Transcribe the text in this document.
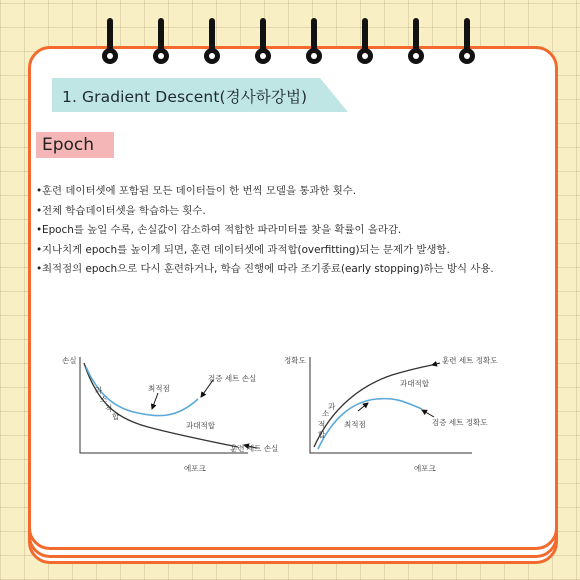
1. Gradient Descent(경사하강법)
Epoch
•훈련 데이터셋에 포함된 모든 데이터들이 한 번씩 모델을 통과한 횟수.
•전체 학습데이터셋을 학습하는 횟수.
•Epoch를 높일 수록, 손실값이 감소하여 적합한 파라미터를 찾을 확률이 올라감.
•지나치게 epoch를 높이게 되면, 훈련 데이터셋에 과적합(overfitting)되는 문제가 발생함.
•최적점의 epoch으로 다시 훈련하거나, 학습 진행에 따라 조기종료(early stopping)하는 방식 사용.
손실
과
소
적
합
최적점
검증 세트 손실
과대적합
훈련 세트 손실
에포크
정확도
과
소
적
합
최적점
훈련 세트 정확도
과대적합
검증 세트 정확도
에포크
